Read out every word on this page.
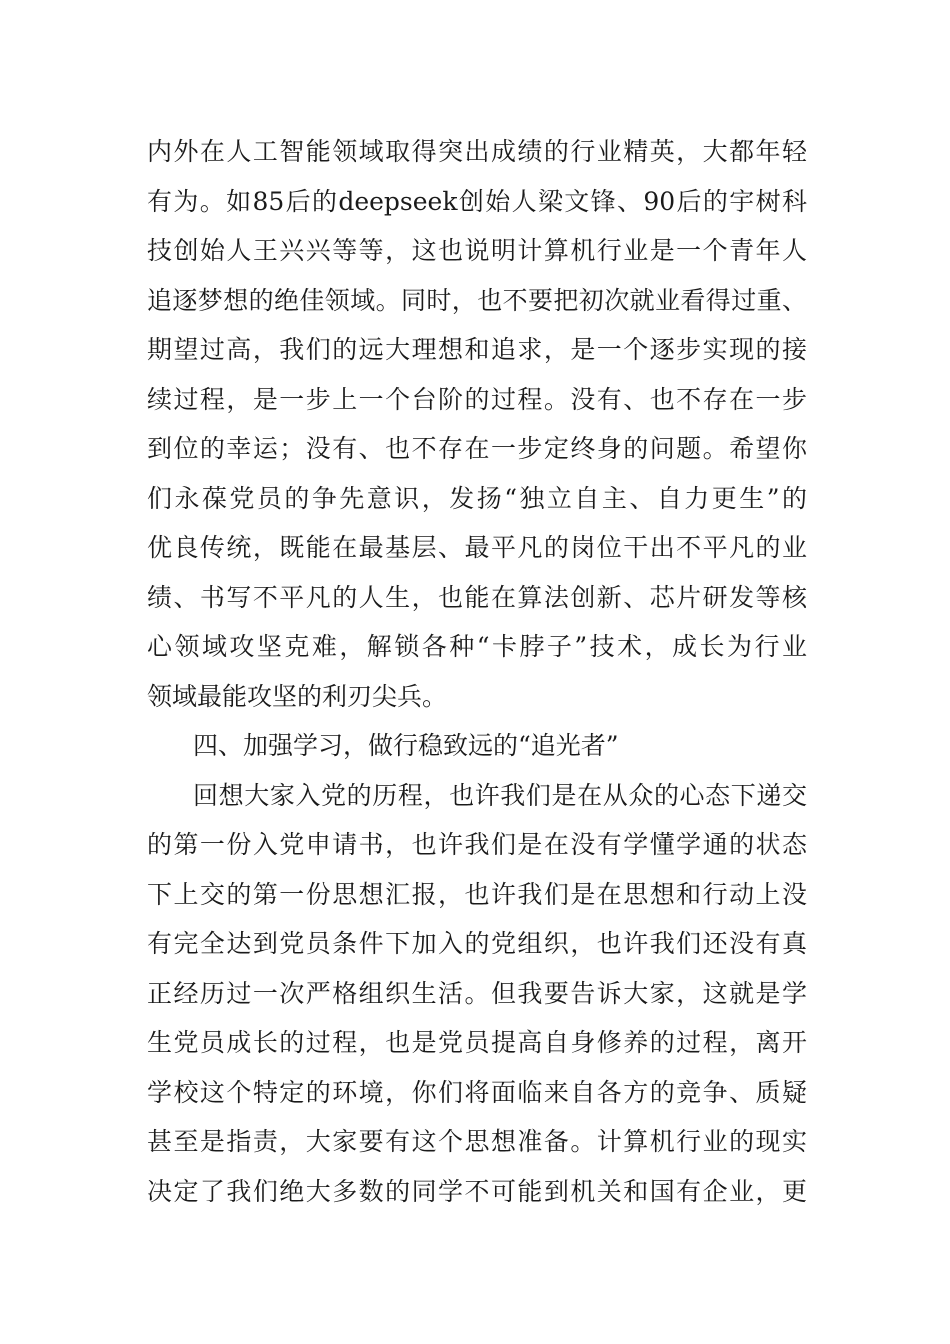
内外在人工智能领域取得突出成绩的行业精英，大都年轻
有为。如85后的deepseek创始人梁文锋、90后的宇树科
技创始人王兴兴等等，这也说明计算机行业是一个青年人
追逐梦想的绝佳领域。同时，也不要把初次就业看得过重、
期望过高，我们的远大理想和追求，是一个逐步实现的接
续过程，是一步上一个台阶的过程。没有、也不存在一步
到位的幸运；没有、也不存在一步定终身的问题。希望你
们永葆党员的争先意识，发扬“独立自主、自力更生”的
优良传统，既能在最基层、最平凡的岗位干出不平凡的业
绩、书写不平凡的人生，也能在算法创新、芯片研发等核
心领域攻坚克难，解锁各种“卡脖子”技术，成长为行业
领域最能攻坚的利刃尖兵。
四、加强学习，做行稳致远的“追光者”
回想大家入党的历程，也许我们是在从众的心态下递交
的第一份入党申请书，也许我们是在没有学懂学通的状态
下上交的第一份思想汇报，也许我们是在思想和行动上没
有完全达到党员条件下加入的党组织，也许我们还没有真
正经历过一次严格组织生活。但我要告诉大家，这就是学
生党员成长的过程，也是党员提高自身修养的过程，离开
学校这个特定的环境，你们将面临来自各方的竞争、质疑
甚至是指责，大家要有这个思想准备。计算机行业的现实
决定了我们绝大多数的同学不可能到机关和国有企业，更
